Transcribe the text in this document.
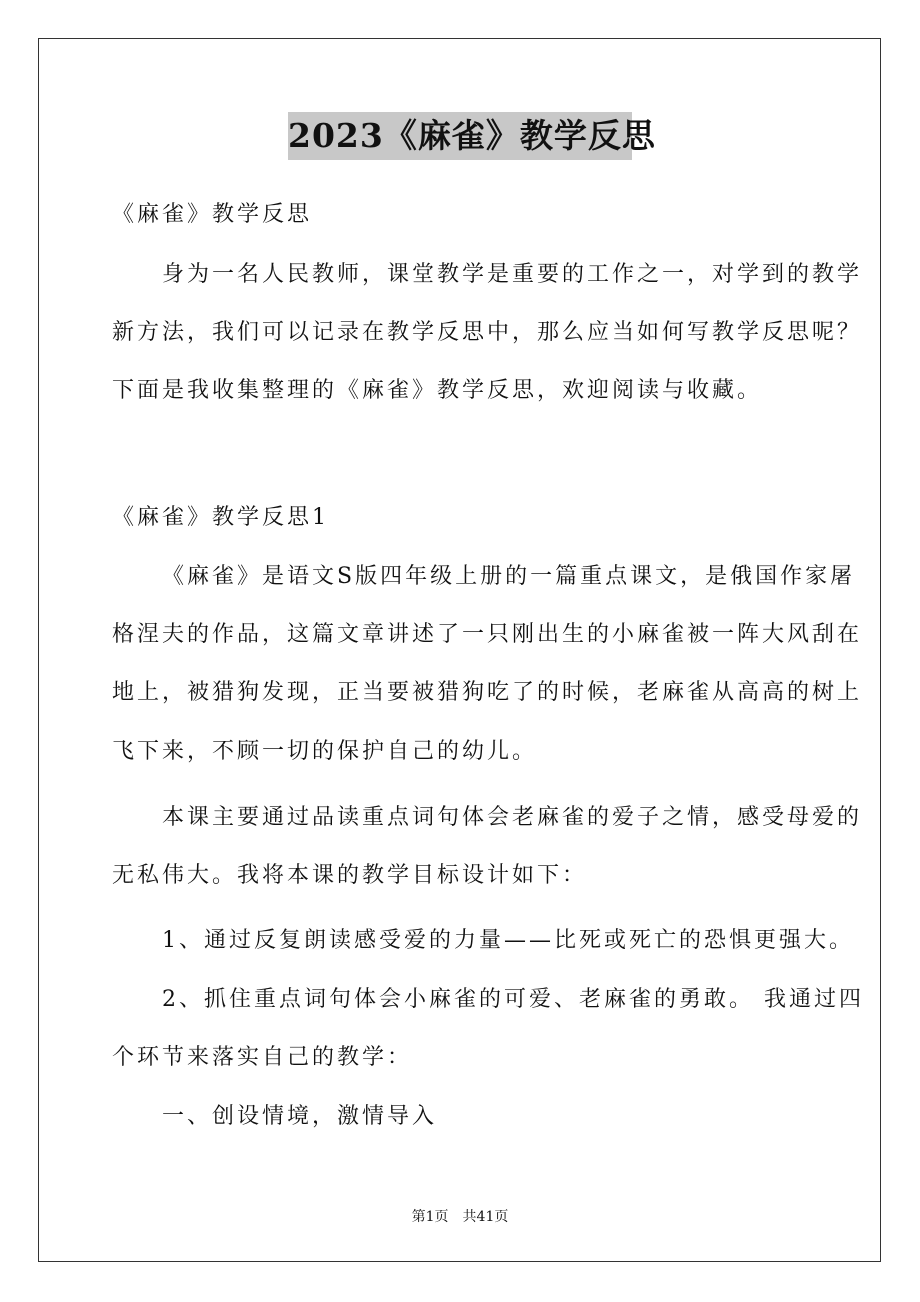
2023《麻雀》教学反思
《麻雀》教学反思
身为一名人民教师，课堂教学是重要的工作之一，对学到的教学
新方法，我们可以记录在教学反思中，那么应当如何写教学反思呢？
下面是我收集整理的《麻雀》教学反思，欢迎阅读与收藏。
《麻雀》教学反思1
《麻雀》是语文S版四年级上册的一篇重点课文，是俄国作家屠
格涅夫的作品，这篇文章讲述了一只刚出生的小麻雀被一阵大风刮在
地上，被猎狗发现，正当要被猎狗吃了的时候，老麻雀从高高的树上
飞下来，不顾一切的保护自己的幼儿。
本课主要通过品读重点词句体会老麻雀的爱子之情，感受母爱的
无私伟大。我将本课的教学目标设计如下：
1、通过反复朗读感受爱的力量——比死或死亡的恐惧更强大。
2、抓住重点词句体会小麻雀的可爱、老麻雀的勇敢。 我通过四
个环节来落实自己的教学：
一、创设情境，激情导入
第1页　共41页
